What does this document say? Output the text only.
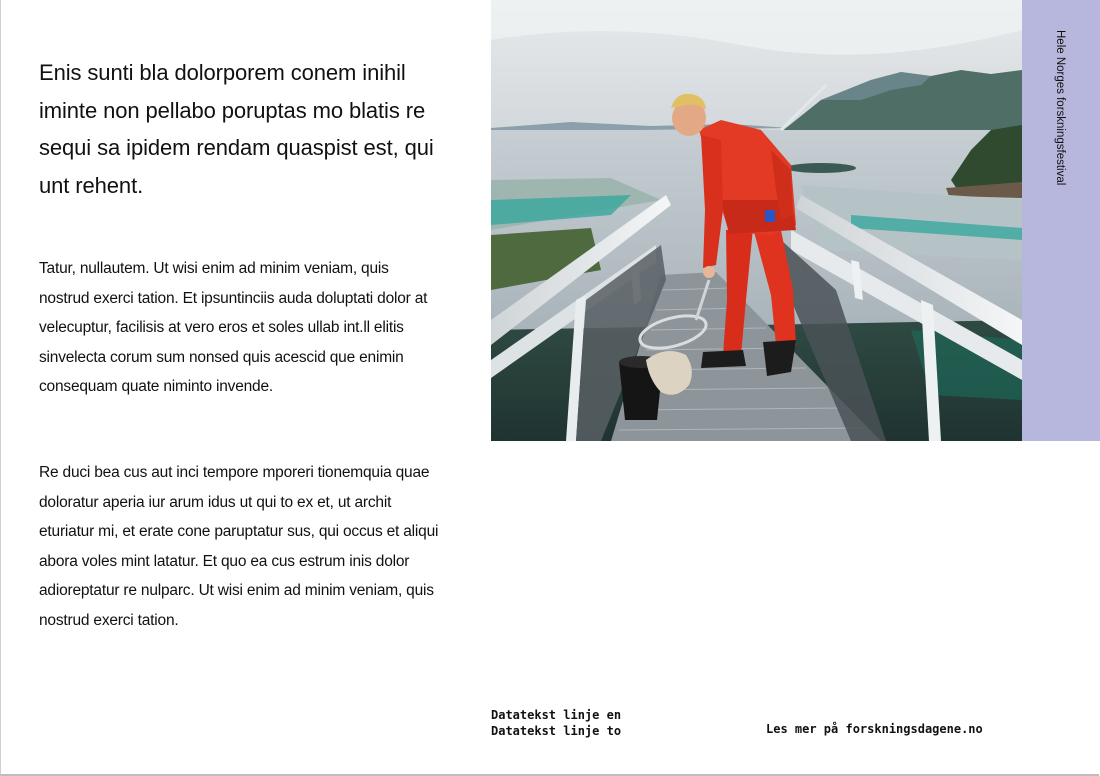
Enis sunti bla dolorporem conem inihil iminte non pellabo poruptas mo blatis re sequi sa ipidem rendam quaspist est, qui unt rehent.

Tatur, nullautem. Ut wisi enim ad minim veniam, quis nostrud exerci tation. Et ipsuntinciis auda doluptati dolor at velecuptur, facilisis at vero eros et soles ullab int.ll elitis sinvelecta corum sum nonsed quis acescid que enimin consequam quate niminto invende.

Re duci bea cus aut inci tempore mporeri tionemquia quae doloratur aperia iur arum idus ut qui to ex et, ut archit eturiatur mi, et erate cone paruptatur sus, qui occus et aliqui abora voles mint latatur. Et quo ea cus estrum inis dolor adioreptatur re nulparc. Ut wisi enim ad minim veniam, quis nostrud exerci tation.

Hele Norges forskningsfestival
Datatekst linje en
Datatekst linje to	Les mer på forskningsdagene.no
